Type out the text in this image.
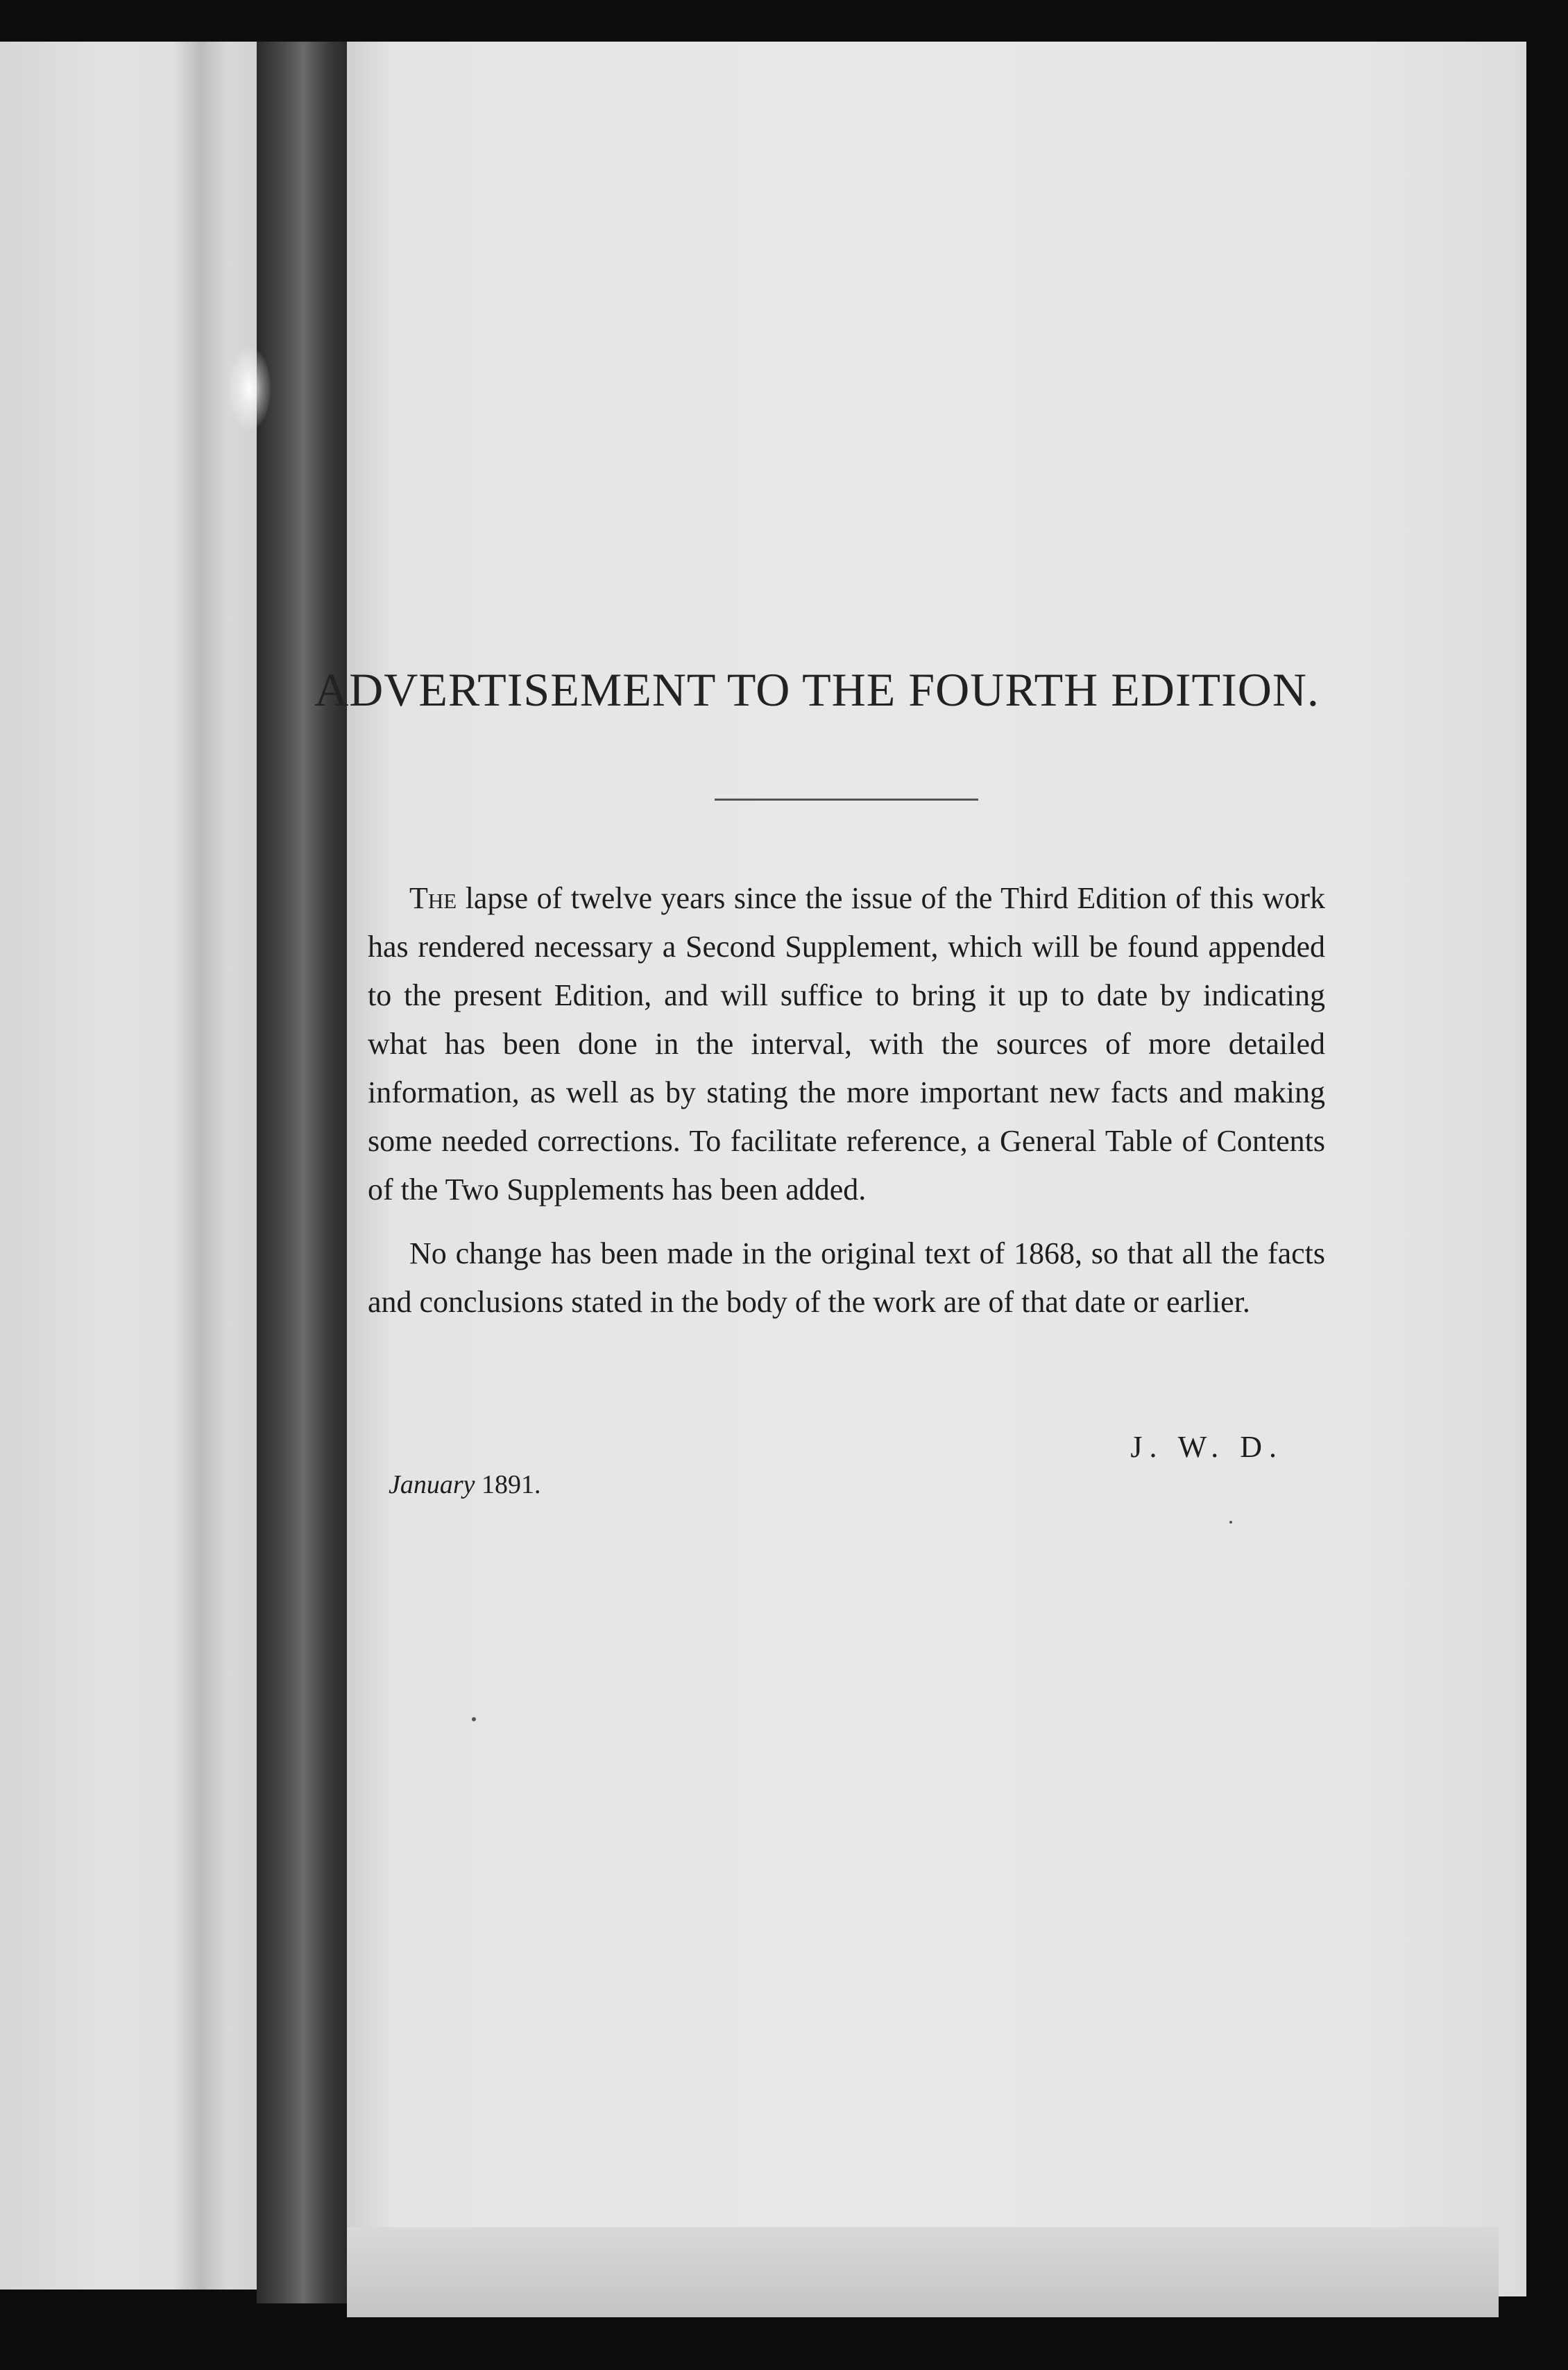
ADVERTISEMENT TO THE FOURTH EDITION.

The lapse of twelve years since the issue of the Third Edition of this work has rendered necessary a Second Supplement, which will be found appended to the present Edition, and will suffice to bring it up to date by indicating what has been done in the interval, with the sources of more detailed information, as well as by stating the more important new facts and making some needed corrections. To facilitate reference, a General Table of Contents of the Two Supplements has been added.

No change has been made in the original text of 1868, so that all the facts and conclusions stated in the body of the work are of that date or earlier.

J. W. D.
January 1891.
